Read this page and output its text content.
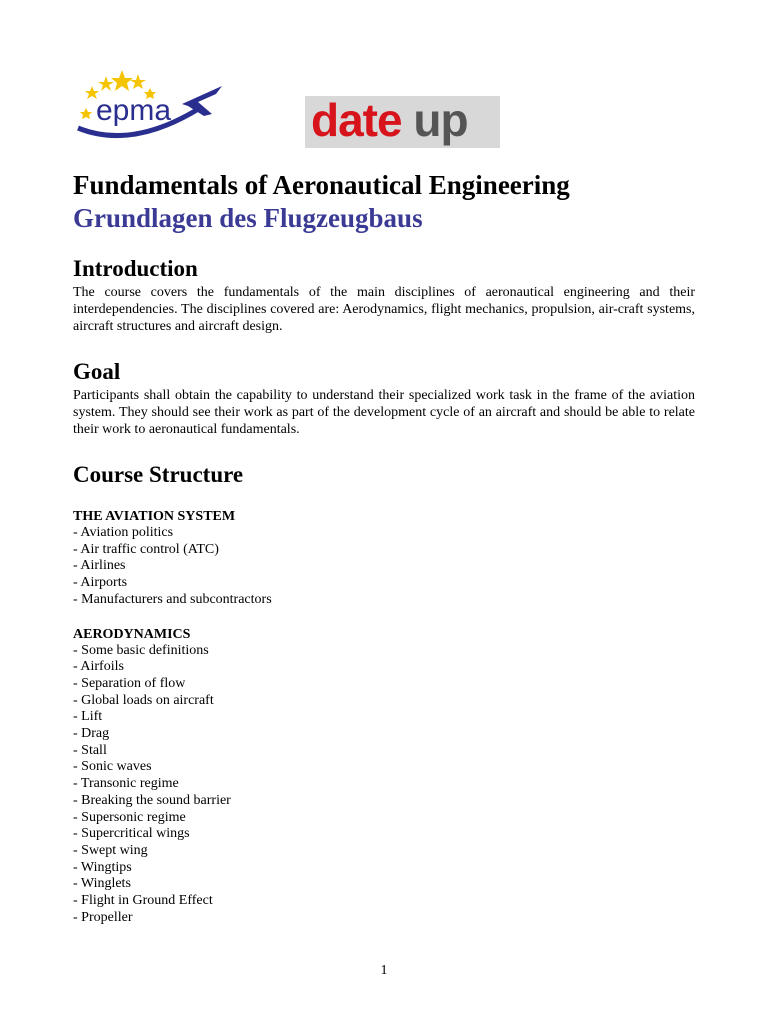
epma	date up
Fundamentals of Aeronautical Engineering
Grundlagen des Flugzeugbaus
Introduction

The course covers the fundamentals of the main disciplines of aeronautical engineering and their interdependencies. The disciplines covered are: Aerodynamics, flight mechanics, propulsion, air-craft systems, aircraft structures and aircraft design.

Goal

Participants shall obtain the capability to understand their specialized work task in the frame of the aviation system. They should see their work as part of the development cycle of an aircraft and should be able to relate their work to aeronautical fundamentals.

Course Structure
THE AVIATION SYSTEM
- Aviation politics
- Air traffic control (ATC)
- Airlines
- Airports
- Manufacturers and subcontractors
AERODYNAMICS
- Some basic definitions
- Airfoils
- Separation of flow
- Global loads on aircraft
- Lift
- Drag
- Stall
- Sonic waves
- Transonic regime
- Breaking the sound barrier
- Supersonic regime
- Supercritical wings
- Swept wing
- Wingtips
- Winglets
- Flight in Ground Effect
- Propeller
1
